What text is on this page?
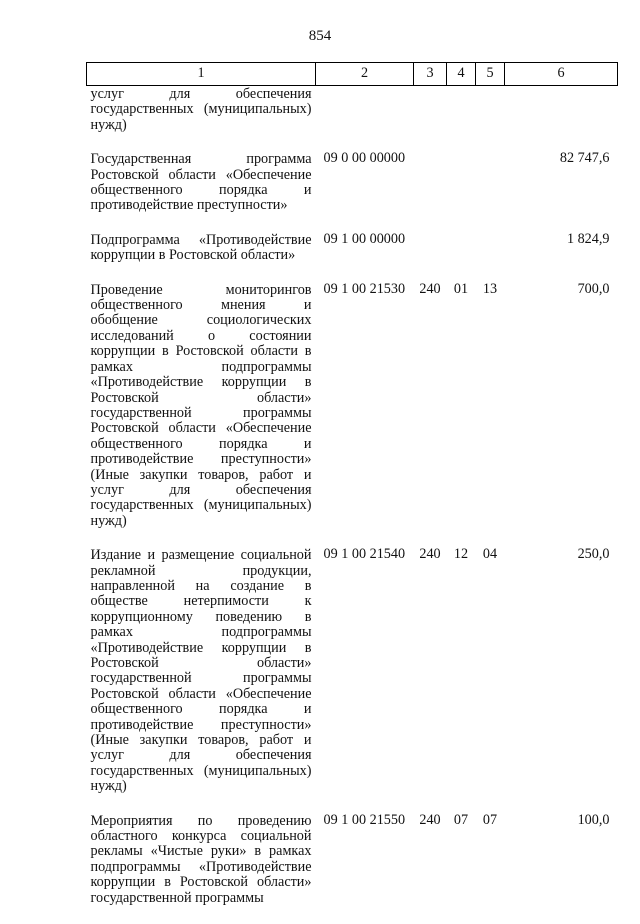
854
1	2	3	4	5	6
услуг для обеспечения государственных (муниципальных) нужд)					
Государственная программа Ростовской области «Обеспечение общественного порядка и противодействие преступности»	09 0 00 00000				82 747,6
Подпрограмма «Противодействие коррупции в Ростовской области»	09 1 00 00000				1 824,9
Проведение мониторингов общественного мнения и обобщение социологических исследований о состоянии коррупции в Ростовской области в рамках подпрограммы «Противодействие коррупции в Ростовской области» государственной программы Ростовской области «Обеспечение общественного порядка и противодействие преступности» (Иные закупки товаров, работ и услуг для обеспечения государственных (муниципальных) нужд)	09 1 00 21530	240	01	13	700,0
Издание и размещение социальной рекламной продукции, направленной на создание в обществе нетерпимости к коррупционному поведению в рамках подпрограммы «Противодействие коррупции в Ростовской области» государственной программы Ростовской области «Обеспечение общественного порядка и противодействие преступности» (Иные закупки товаров, работ и услуг для обеспечения государственных (муниципальных) нужд)	09 1 00 21540	240	12	04	250,0
Мероприятия по проведению областного конкурса социальной рекламы «Чистые руки» в рамках подпрограммы «Противодействие коррупции в Ростовской области» государственной программы	09 1 00 21550	240	07	07	100,0
